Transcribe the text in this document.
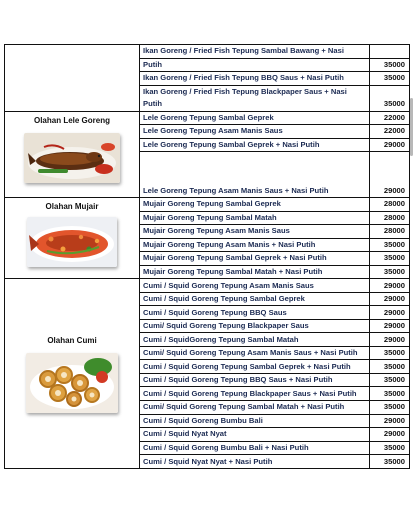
	Ikan Goreng / Fried Fish Tepung Sambal Bawang + Nasi	
	Putih	35000
	Ikan Goreng / Fried Fish Tepung BBQ Saus + Nasi Putih	35000
	Ikan Goreng / Fried Fish Tepung Blackpaper Saus + Nasi	
	Putih	35000

Olahan Lele Goreng	Lele Goreng Tepung Sambal Geprek	22000
	Lele Goreng Tepung Asam Manis Saus	22000
	Lele Goreng Tepung Sambal Geprek + Nasi Putih	29000

	Lele Goreng Tepung Asam Manis Saus + Nasi Putih	29000

Olahan Mujair	Mujair Goreng Tepung Sambal Geprek	28000
	Mujair Goreng Tepung Sambal Matah	28000
	Mujair Goreng Tepung Asam Manis Saus	28000
	Mujair Goreng Tepung Asam Manis + Nasi Putih	35000
	Mujair Goreng Tepung Sambal Geprek + Nasi Putih	35000
	Mujair Goreng Tepung Sambal Matah + Nasi Putih	35000

Olahan Cumi	Cumi / Squid Goreng Tepung Asam Manis Saus	29000
	Cumi / Squid Goreng Tepung Sambal Geprek	29000
	Cumi / Squid Goreng Tepung BBQ Saus	29000
	Cumi/ Squid Goreng Tepung Blackpaper Saus	29000
	Cumi / SquidGoreng Tepung Sambal Matah	29000
	Cumi/ Squid Goreng Tepung Asam Manis Saus + Nasi Putih	35000
	Cumi / Squid Goreng Tepung Sambal Geprek + Nasi Putih	35000
	Cumi / Squid Goreng Tepung BBQ Saus + Nasi Putih	35000
	Cumi / Squid Goreng Tepung Blackpaper Saus + Nasi Putih	35000
	Cumi/ Squid Goreng Tepung Sambal Matah + Nasi Putih	35000
	Cumi / Squid Goreng Bumbu Bali	29000
	Cumi / Squid Nyat Nyat	29000
	Cumi / Squid Goreng Bumbu Bali + Nasi Putih	35000
	Cumi / Squid Nyat Nyat + Nasi Putih	35000
